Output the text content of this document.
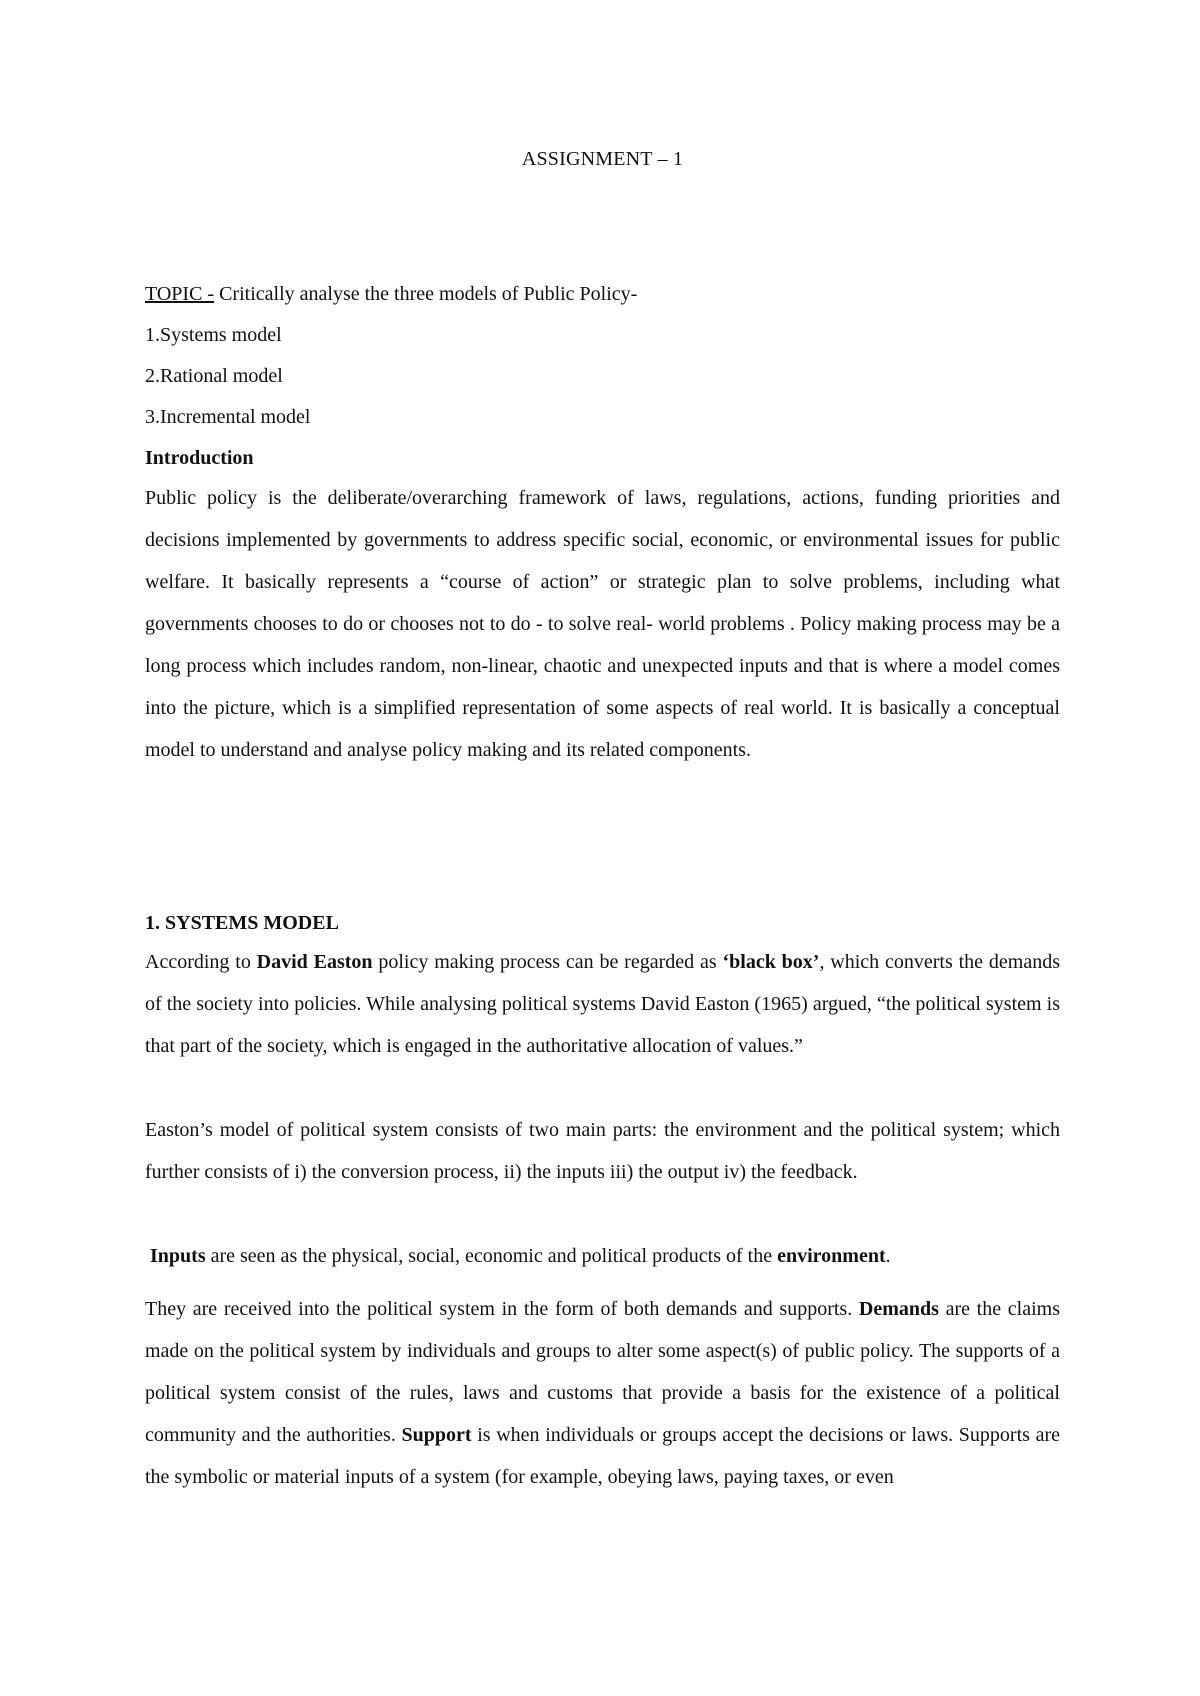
ASSIGNMENT – 1
TOPIC - Critically analyse the three models of Public Policy-
1.Systems model
2.Rational model
3.Incremental model
Introduction

Public policy is the deliberate/overarching framework of laws, regulations, actions, funding priorities and decisions implemented by governments to address specific social, economic, or environmental issues for public welfare. It basically represents a “course of action” or strategic plan to solve problems, including what governments chooses to do or chooses not to do - to solve real- world problems . Policy making process may be a long process which includes random, non-linear, chaotic and unexpected inputs and that is where a model comes into the picture, which is a simplified representation of some aspects of real world. It is basically a conceptual model to understand and analyse policy making and its related components.

1. SYSTEMS MODEL

According to David Easton policy making process can be regarded as ‘black box’, which converts the demands of the society into policies. While analysing political systems David Easton (1965) argued, “the political system is that part of the society, which is engaged in the authoritative allocation of values.”

Easton’s model of political system consists of two main parts: the environment and the political system; which further consists of i) the conversion process, ii) the inputs iii) the output iv) the feedback.

Inputs are seen as the physical, social, economic and political products of the environment.

They are received into the political system in the form of both demands and supports. Demands are the claims made on the political system by individuals and groups to alter some aspect(s) of public policy. The supports of a political system consist of the rules, laws and customs that provide a basis for the existence of a political community and the authorities. Support is when individuals or groups accept the decisions or laws. Supports are the symbolic or material inputs of a system (for example, obeying laws, paying taxes, or even
